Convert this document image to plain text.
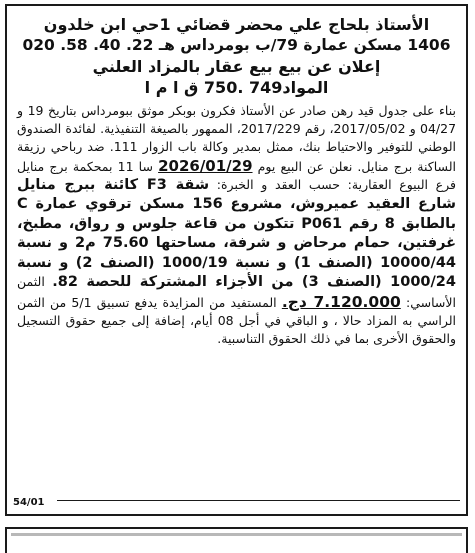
الأستاذ بلحاج علي محضر قضائي 1حي ابن خلدون
1406 مسكن عمارة 79/ب بومرداس هـ 22. 40. 58. 020
إعلان عن بيع بيع عقار بالمزاد العلني
المواد749 .750 ق ا م ا

بناء على جدول قيد رهن صادر عن الأستاذ فكرون بوبكر موثق ببومرداس بتاريخ 19 و 04/27 و 2017/05/02، رقم 2017/229، الممهور بالصيغة التنفيذية. لفائدة الصندوق الوطني للتوفير والاحتياط بنك، ممثل بمدير وكالة باب الزوار 111. ضد رباحي رزيقة الساكنة برج منايل. نعلن عن البيع يوم 2026/01/29 سا 11 بمحكمة برج منايل فرع البيوع العقارية: حسب العقد و الخبرة: شقة F3 كائنة ببرج منايل شارع العقيد عميروش، مشروع 156 مسكن ترقوي عمارة C بالطابق 8 رقم P061 تتكون من قاعة جلوس و رواق، مطبخ، غرفتين، حمام مرحاض و شرفة، مساحتها 75.60 م2 و نسبة 10000/44 (الصنف 1) و نسبة 1000/19 (الصنف 2) و نسبة 1000/24 (الصنف 3) من الأجزاء المشتركة للحصة 82. الثمن الأساسي: 7.120.000 دج. المستفيد من المزايدة يدفع تسبيق 5/1 من الثمن الراسي به المزاد حالا ، و الباقي في أجل 08 أيام، إضافة إلى جميع حقوق التسجيل والحقوق الأخرى بما في ذلك الحقوق التناسبية.

54/01
